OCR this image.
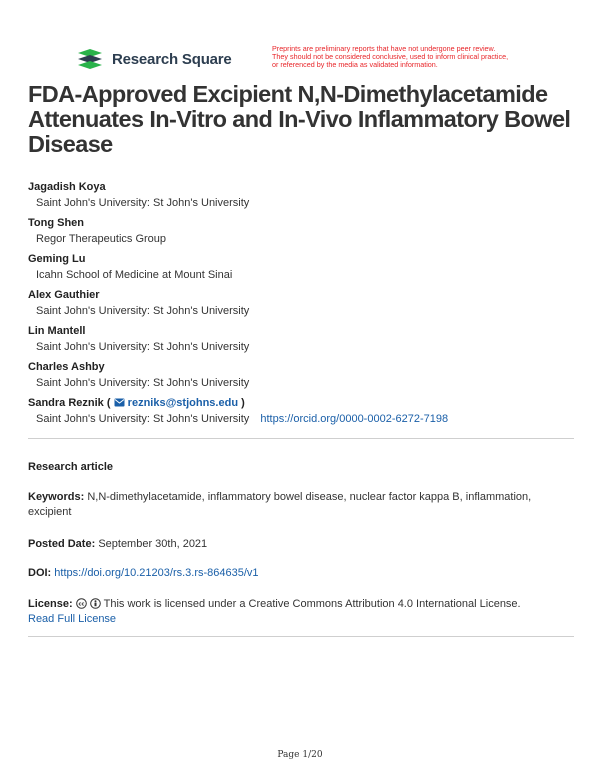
Research Square
Preprints are preliminary reports that have not undergone peer review.
They should not be considered conclusive, used to inform clinical practice,
or referenced by the media as validated information.
FDA-Approved Excipient N,N-Dimethylacetamide Attenuates In-Vitro and In-Vivo Inflammatory Bowel Disease
Jagadish Koya
Saint John's University: St John's University
Tong Shen
Regor Therapeutics Group
Geming Lu
Icahn School of Medicine at Mount Sinai
Alex Gauthier
Saint John's University: St John's University
Lin Mantell
Saint John's University: St John's University
Charles Ashby
Saint John's University: St John's University
Sandra Reznik ( rezniks@stjohns.edu )
Saint John's University: St John's University https://orcid.org/0000-0002-6272-7198
Research article
Keywords: N,N-dimethylacetamide, inflammatory bowel disease, nuclear factor kappa B, inflammation, excipient
Posted Date: September 30th, 2021
DOI: https://doi.org/10.21203/rs.3.rs-864635/v1
License: cc This work is licensed under a Creative Commons Attribution 4.0 International License.
Read Full License
Page 1/20
